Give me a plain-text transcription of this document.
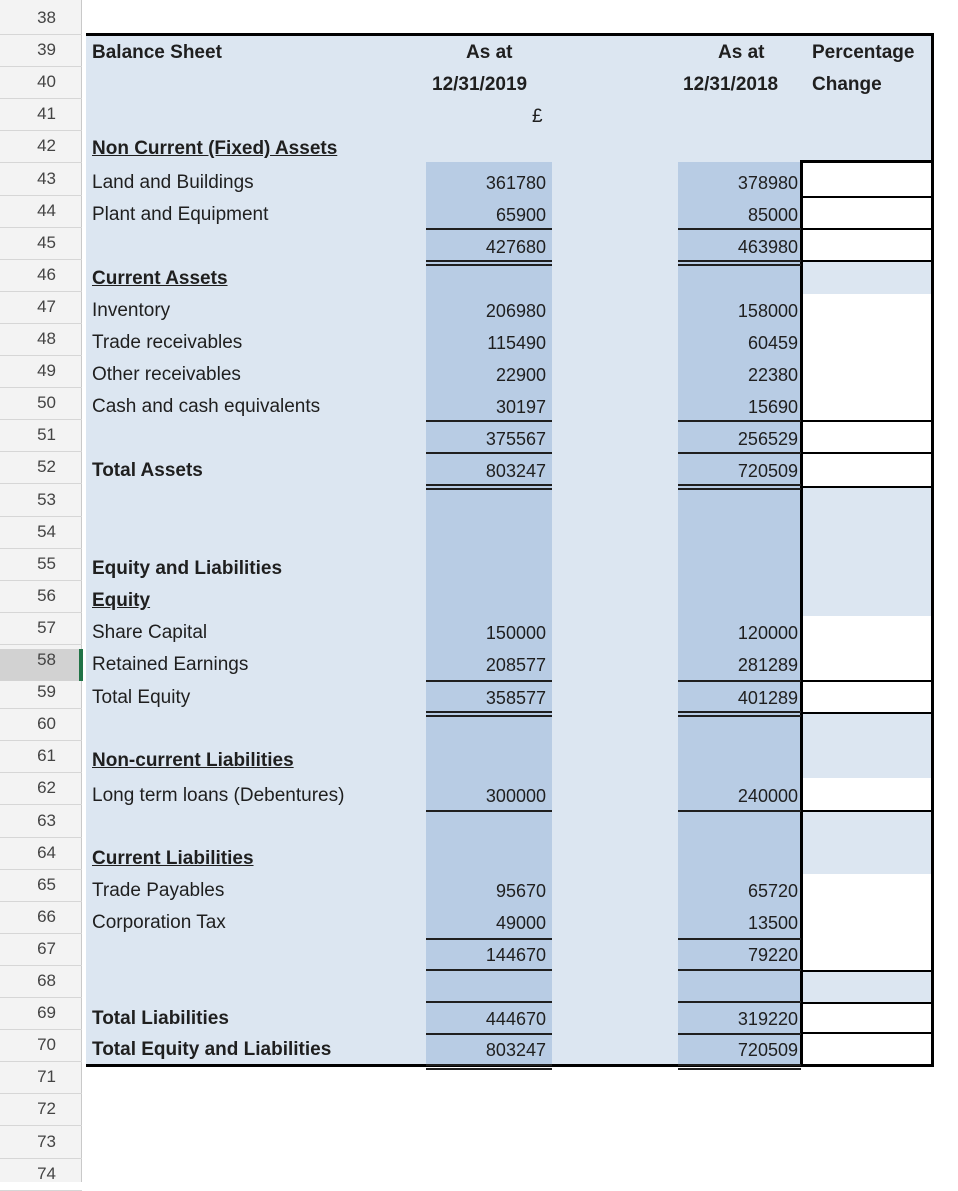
38
39
40
41
42
43
44
45
46
47
48
49
50
51
52
53
54
55
56
57
58
59
60
61
62
63
64
65
66
67
68
69
70
71
72
73
74
Balance Sheet	As at
12/31/2019
£
As at
12/31/2018
Percentage
Change
Non Current (Fixed) Assets
Land and Buildings
Plant and Equipment
Current Assets
Inventory
Trade receivables
Other receivables
Cash and cash equivalents
Total Assets
Equity and Liabilities
Equity
Share Capital
Retained Earnings
Total Equity
Non-current Liabilities
Long term loans (Debentures)
Current Liabilities
Trade Payables
Corporation Tax
Total Liabilities
Total Equity and Liabilities
361780
65900
427680
206980
115490
22900
30197
375567
803247
150000
208577
358577
300000
95670
49000
144670
444670
803247
378980
85000
463980
158000
60459
22380
15690
256529
720509
120000
281289
401289
240000
65720
13500
79220
319220
720509
